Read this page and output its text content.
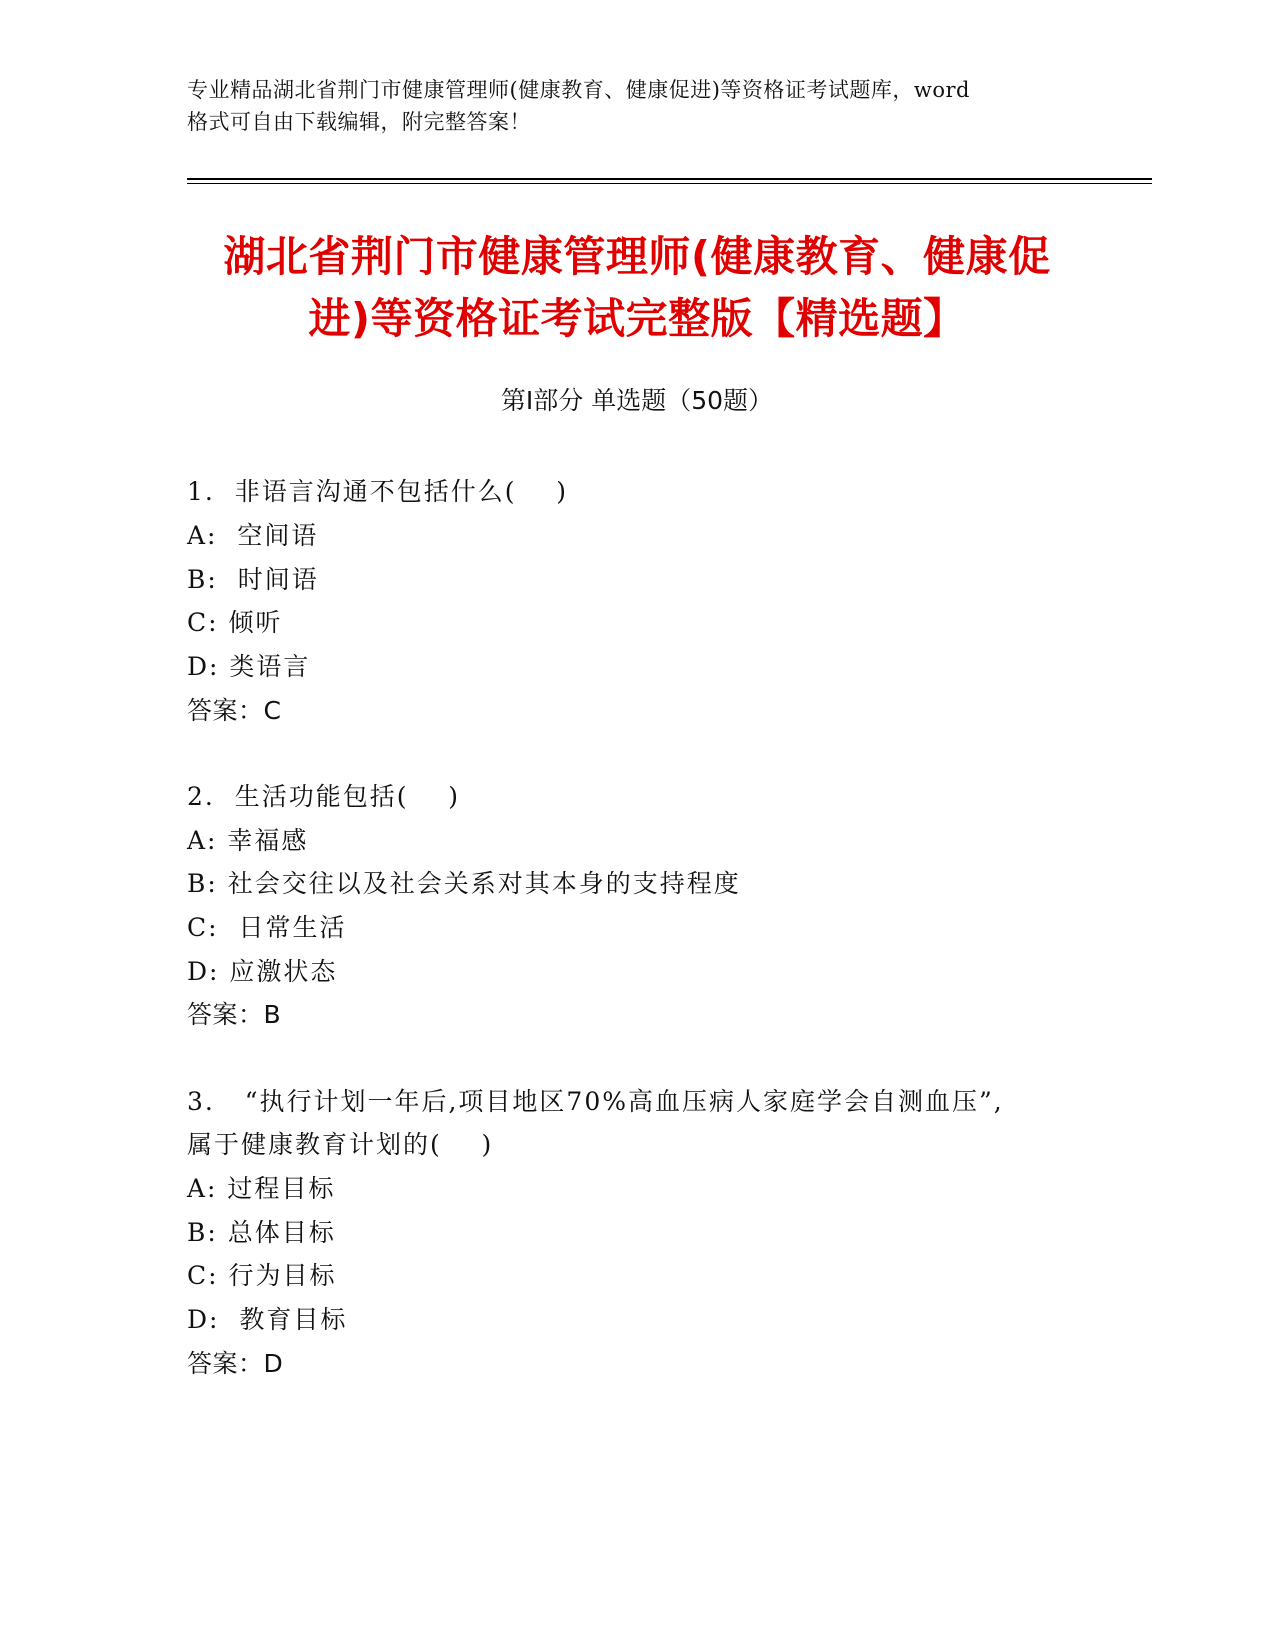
专业精品湖北省荆门市健康管理师(健康教育、健康促进)等资格证考试题库，word
格式可自由下载编辑，附完整答案！
湖北省荆门市健康管理师(健康教育、健康促
进)等资格证考试完整版【精选题】
第Ⅰ部分 单选题（50题）
1.  非语言沟通不包括什么(    )
A:  空间语
B:  时间语
C: 倾听
D: 类语言
答案：C
2.  生活功能包括(    )
A: 幸福感
B: 社会交往以及社会关系对其本身的支持程度
C:  日常生活
D: 应激状态
答案：B
3.   “执行计划一年后,项目地区70%高血压病人家庭学会自测血压”,
属于健康教育计划的(    )
A: 过程目标
B: 总体目标
C: 行为目标
D:  教育目标
答案：D
